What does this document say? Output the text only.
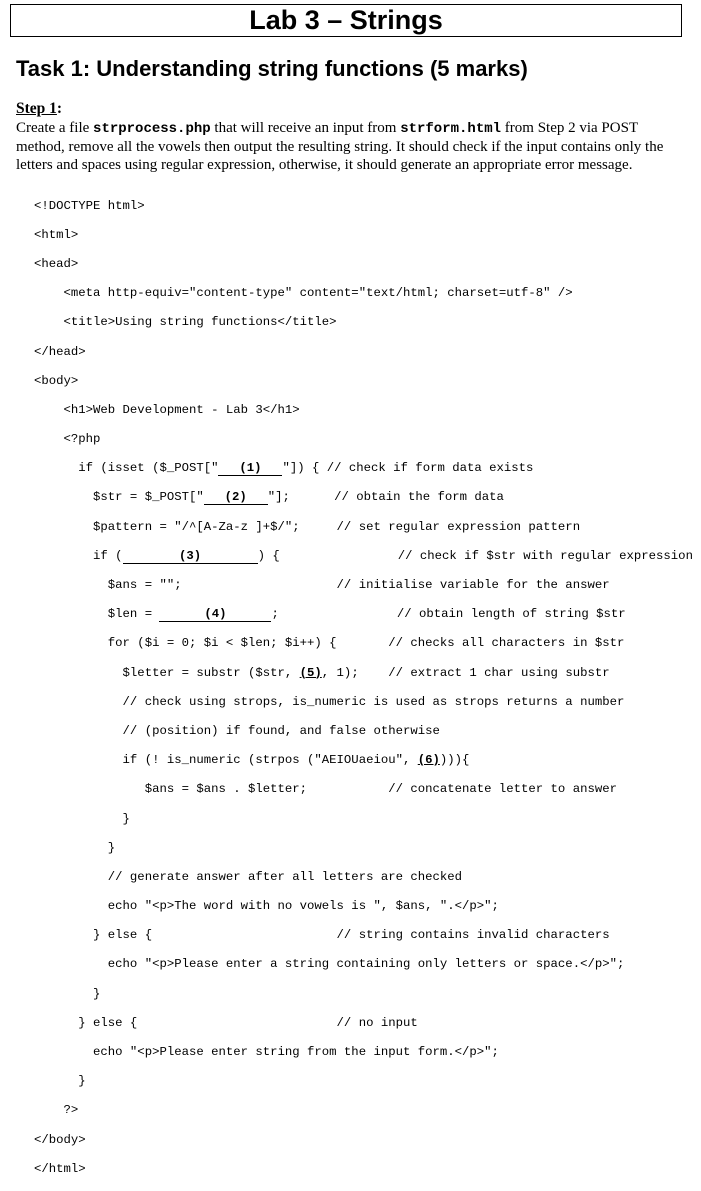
Lab 3 – Strings
Task 1: Understanding string functions (5 marks)
Step 1:
Create a file strprocess.php that will receive an input from strform.html from Step 2 via POST method, remove all the vowels then output the resulting string. It should check if the input contains only the letters and spaces using regular expression, otherwise, it should generate an appropriate error message.

<!DOCTYPE html>

<html>

<head>

<meta http-equiv="content-type" content="text/html; charset=utf-8" />

<title>Using string functions</title>

</head>

<body>

<h1>Web Development - Lab 3</h1>

<?php

if (isset ($_POST[" (1) "]) { // check if form data exists

$str = $_POST[" (2) "];      // obtain the form data

$pattern = "/^[A-Za-z ]+$/";     // set regular expression pattern

if (	(3)	) {                // check if $str with regular expression

$ans = "";                     // initialise variable for the answer

$len =	(4)	;                // obtain length of string $str

for ($i = 0; $i < $len; $i++) {       // checks all characters in $str

$letter = substr ($str, (5), 1);    // extract 1 char using substr

// check using strops, is_numeric is used as strops returns a number

// (position) if found, and false otherwise

if (! is_numeric (strpos ("AEIOUaeiou", (6)))){

$ans = $ans . $letter;           // concatenate letter to answer

}

}

// generate answer after all letters are checked

echo "<p>The word with no vowels is ", $ans, ".</p>";

} else {                         // string contains invalid characters

echo "<p>Please enter a string containing only letters or space.</p>";

}

} else {                           // no input

echo "<p>Please enter string from the input form.</p>";

}

?>

</body>

</html>
